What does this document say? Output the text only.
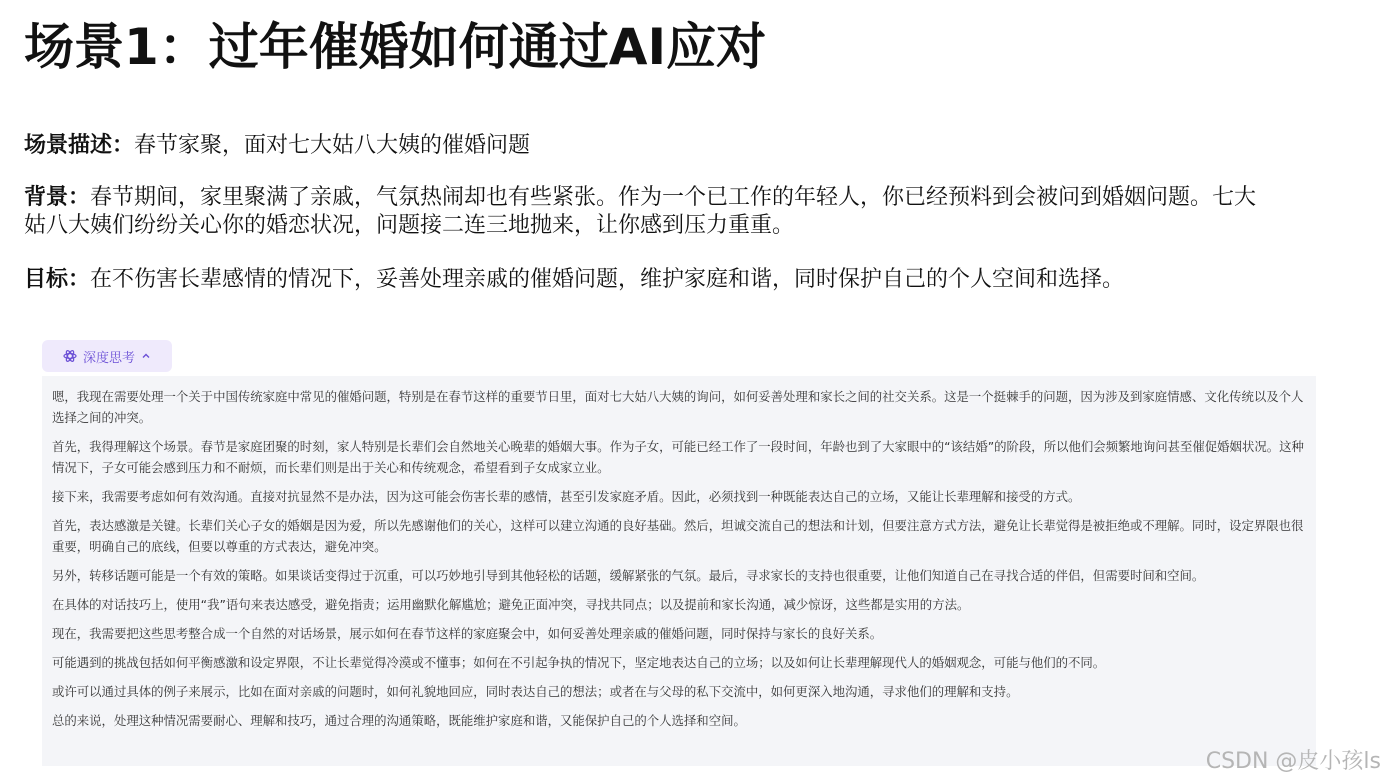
场景1：过年催婚如何通过AI应对
场景描述：春节家聚，面对七大姑八大姨的催婚问题
背景：春节期间，家里聚满了亲戚，气氛热闹却也有些紧张。作为一个已工作的年轻人，你已经预料到会被问到婚姻问题。七大姑八大姨们纷纷关心你的婚恋状况，问题接二连三地抛来，让你感到压力重重。
目标：在不伤害长辈感情的情况下，妥善处理亲戚的催婚问题，维护家庭和谐，同时保护自己的个人空间和选择。
深度思考

嗯，我现在需要处理一个关于中国传统家庭中常见的催婚问题，特别是在春节这样的重要节日里，面对七大姑八大姨的询问，如何妥善处理和家长之间的社交关系。这是一个挺棘手的问题，因为涉及到家庭情感、文化传统以及个人选择之间的冲突。

首先，我得理解这个场景。春节是家庭团聚的时刻，家人特别是长辈们会自然地关心晚辈的婚姻大事。作为子女，可能已经工作了一段时间，年龄也到了大家眼中的“该结婚”的阶段，所以他们会频繁地询问甚至催促婚姻状况。这种情况下，子女可能会感到压力和不耐烦，而长辈们则是出于关心和传统观念，希望看到子女成家立业。

接下来，我需要考虑如何有效沟通。直接对抗显然不是办法，因为这可能会伤害长辈的感情，甚至引发家庭矛盾。因此，必须找到一种既能表达自己的立场，又能让长辈理解和接受的方式。

首先，表达感激是关键。长辈们关心子女的婚姻是因为爱，所以先感谢他们的关心，这样可以建立沟通的良好基础。然后，坦诚交流自己的想法和计划，但要注意方式方法，避免让长辈觉得是被拒绝或不理解。同时，设定界限也很重要，明确自己的底线，但要以尊重的方式表达，避免冲突。

另外，转移话题可能是一个有效的策略。如果谈话变得过于沉重，可以巧妙地引导到其他轻松的话题，缓解紧张的气氛。最后，寻求家长的支持也很重要，让他们知道自己在寻找合适的伴侣，但需要时间和空间。

在具体的对话技巧上，使用“我”语句来表达感受，避免指责；运用幽默化解尴尬；避免正面冲突，寻找共同点；以及提前和家长沟通，减少惊讶，这些都是实用的方法。

现在，我需要把这些思考整合成一个自然的对话场景，展示如何在春节这样的家庭聚会中，如何妥善处理亲戚的催婚问题，同时保持与家长的良好关系。

可能遇到的挑战包括如何平衡感激和设定界限，不让长辈觉得冷漠或不懂事；如何在不引起争执的情况下，坚定地表达自己的立场；以及如何让长辈理解现代人的婚姻观念，可能与他们的不同。

或许可以通过具体的例子来展示，比如在面对亲戚的问题时，如何礼貌地回应，同时表达自己的想法；或者在与父母的私下交流中，如何更深入地沟通，寻求他们的理解和支持。

总的来说，处理这种情况需要耐心、理解和技巧，通过合理的沟通策略，既能维护家庭和谐，又能保护自己的个人选择和空间。

CSDN @皮小孩ls
